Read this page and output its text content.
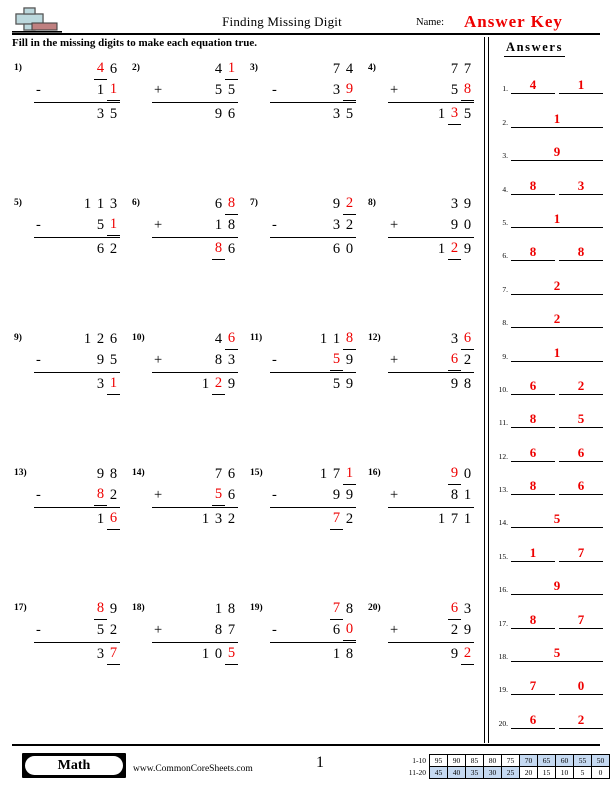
Finding Missing Digit	Name: Answer Key
Fill in the missing digits to make each equation true.
1)	4 6
-	1 1
3 5
2)	4 1
+	5 5
9 6
3)	7 4
-	3 9
3 5
4)
	7 7
+
	5 8
1 3 5
5)	1 1 3
-
	5 1

6 2
6)	6 8
+	1 8
8 6
7)	9 2
-	3 2
6 0
8)
	3 9
+
	9 0
1 2 9
9)	1 2 6
-
	9 5

3 1
10)
	4 6
+
	8 3
1 2 9
11)	1 1 8
-
	5 9

5 9
12)	3 6
+	6 2
9 8
13)	9 8
-	8 2
1 6
14)
	7 6
+
	5 6
1 3 2
15)	1 7 1
-
	9 9

7 2
16)
	9 0
+
	8 1
1 7 1
17)	8 9
-	5 2
3 7
18)
	1 8
+
	8 7
1 0 5
19)	7 8
-	6 0
1 8
20)	6 3
+	2 9
9 2
Answers
1.	4	1
2.	1
3.	9
4.	8	3
5.	1
6.	8	8
7.	2
8.	2
9.	1
10.	6	2
11.	8	5
12.	6	6
13.	8	6
14.	5
15.	1	7
16.	9
17.	8	7
18.	5
19.	7	0
20.	6	2
Math	www.CommonCoreSheets.com	1	1-10	95	90	85	80	75	70	65	60	55	50
11-20	45	40	35	30	25	20	15	10	5	0
